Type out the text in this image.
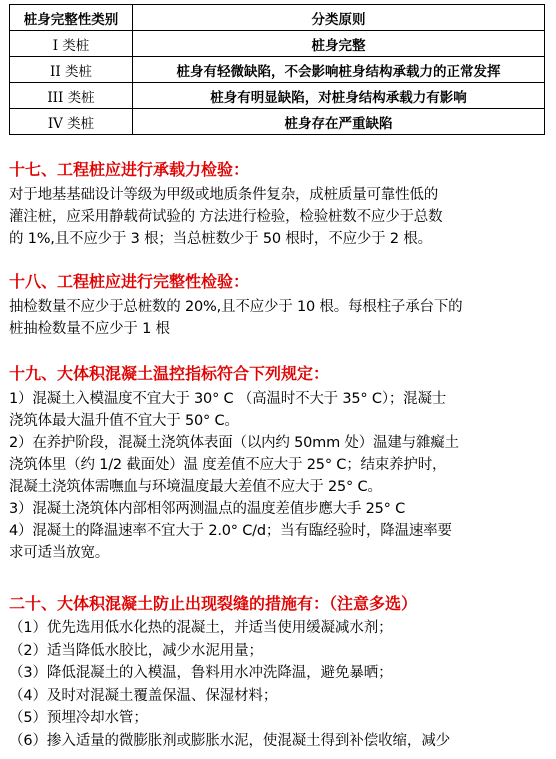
桩身完整性类别	分类原则
I 类桩	桩身完整
II 类桩	桩身有轻微缺陷，不会影响桩身结构承载力的正常发挥
III 类桩	桩身有明显缺陷，对桩身结构承载力有影响
IV 类桩	桩身存在严重缺陷

十七、工程桩应进行承载力检验：

对于地基基础设计等级为甲级或地质条件复杂，成桩质量可靠性低的

灌注桩，应采用静载荷试验的 方法进行检验，检验桩数不应少于总数

的 1%,且不应少于 3 根；当总桩数少于 50 根时，不应少于 2 根。

十八、工程桩应进行完整性检验：

抽检数量不应少于总桩数的 20%,且不应少于 10 根。每根柱子承台下的

桩抽检数量不应少于 1 根

十九、大体积混凝土温控指标符合下列规定：

1）混凝土入模温度不宜大于 30° C （高温时不大于 35° C）；混凝士

浇筑体最大温升值不宜大于 50° C。

2）在养护阶段，混凝土浇筑体表面（以内约 50mm 处）温建与雜癡土

浇筑体里（约 1/2 截面处）温 度差值不应大于 25° C；结束养护时，

混凝土浇筑体需嘸血与环境温度最大差值不应大于 25° C。

3）混凝土浇筑体内部相邻两测温点的温度差值步應大手 25° C

4）混凝土的降温速率不宜大于 2.0° C/d；当有臨经验时，降温速率要

求可适当放宽。

二十、大体积混凝土防止出现裂缝的措施有：（注意多选）

（1）优先选用低水化热的混凝土，并适当使用缓凝减水剂；

（2）适当降低水胶比，减少水泥用量；

（3）降低混凝土的入模温，鲁料用水冲洗降温，避免暴晒；

（4）及时对混凝土覆盖保温、保湿材料；

（5）预埋冷却水管；

（6）掺入适量的微膨胀剂或膨胀水泥，使混凝土得到补偿收缩，减少
